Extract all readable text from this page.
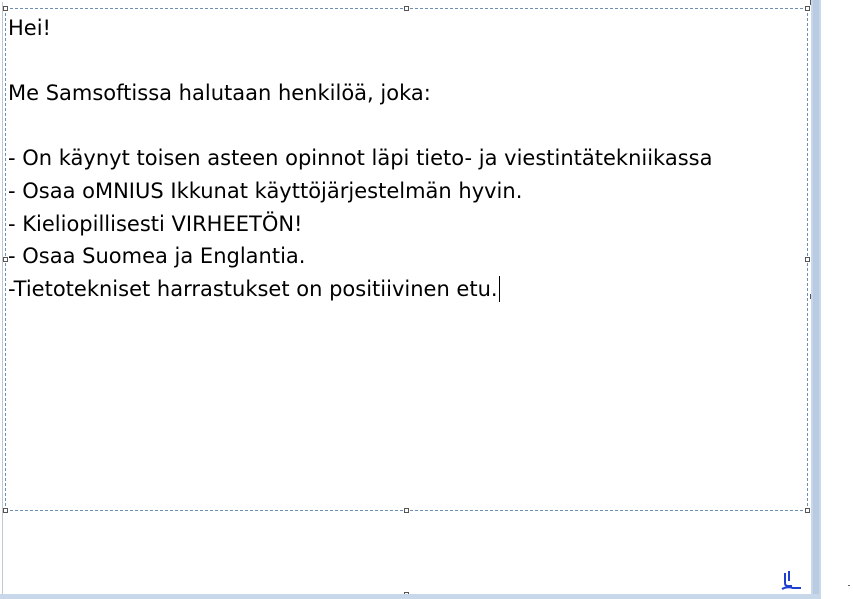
Hei!
Me Samsoftissa halutaan henkilöä, joka:
- On käynyt toisen asteen opinnot läpi tieto- ja viestintätekniikassa
- Osaa oMNIUS Ikkunat käyttöjärjestelmän hyvin.
- Kieliopillisesti VIRHEETÖN!
- Osaa Suomea ja Englantia.
-Tietotekniset harrastukset on positiivinen etu.
